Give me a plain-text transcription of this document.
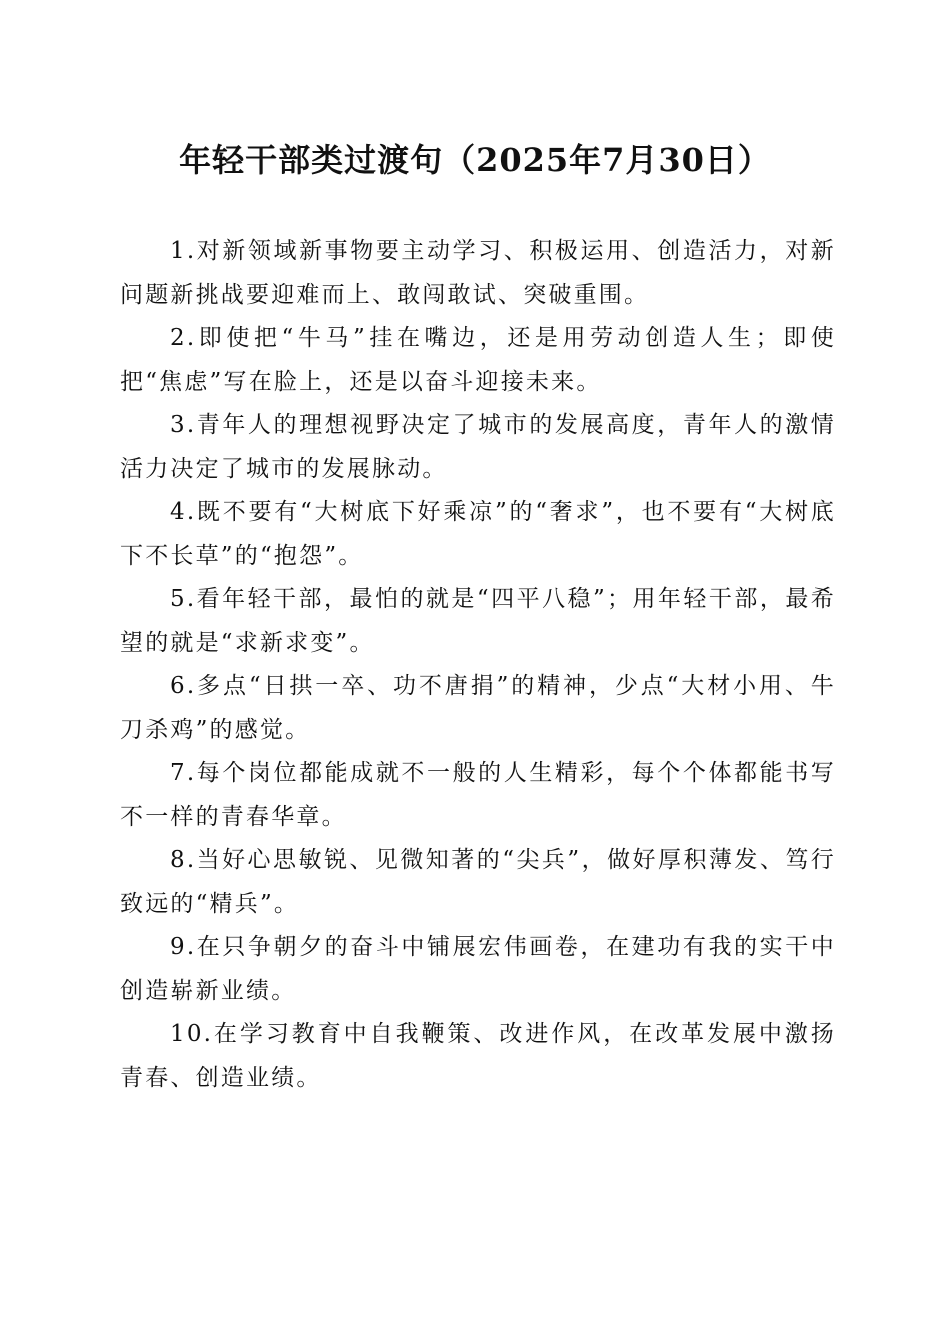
年轻干部类过渡句（2025年7月30日）

1.对新领域新事物要主动学习、积极运用、创造活力，对新问题新挑战要迎难而上、敢闯敢试、突破重围。

2.即使把“牛马”挂在嘴边，还是用劳动创造人生；即使把“焦虑”写在脸上，还是以奋斗迎接未来。

3.青年人的理想视野决定了城市的发展高度，青年人的激情活力决定了城市的发展脉动。

4.既不要有“大树底下好乘凉”的“奢求”，也不要有“大树底下不长草”的“抱怨”。

5.看年轻干部，最怕的就是“四平八稳”；用年轻干部，最希望的就是“求新求变”。

6.多点“日拱一卒、功不唐捐”的精神，少点“大材小用、牛刀杀鸡”的感觉。

7.每个岗位都能成就不一般的人生精彩，每个个体都能书写不一样的青春华章。

8.当好心思敏锐、见微知著的“尖兵”，做好厚积薄发、笃行致远的“精兵”。

9.在只争朝夕的奋斗中铺展宏伟画卷，在建功有我的实干中创造崭新业绩。

10.在学习教育中自我鞭策、改进作风，在改革发展中激扬青春、创造业绩。
